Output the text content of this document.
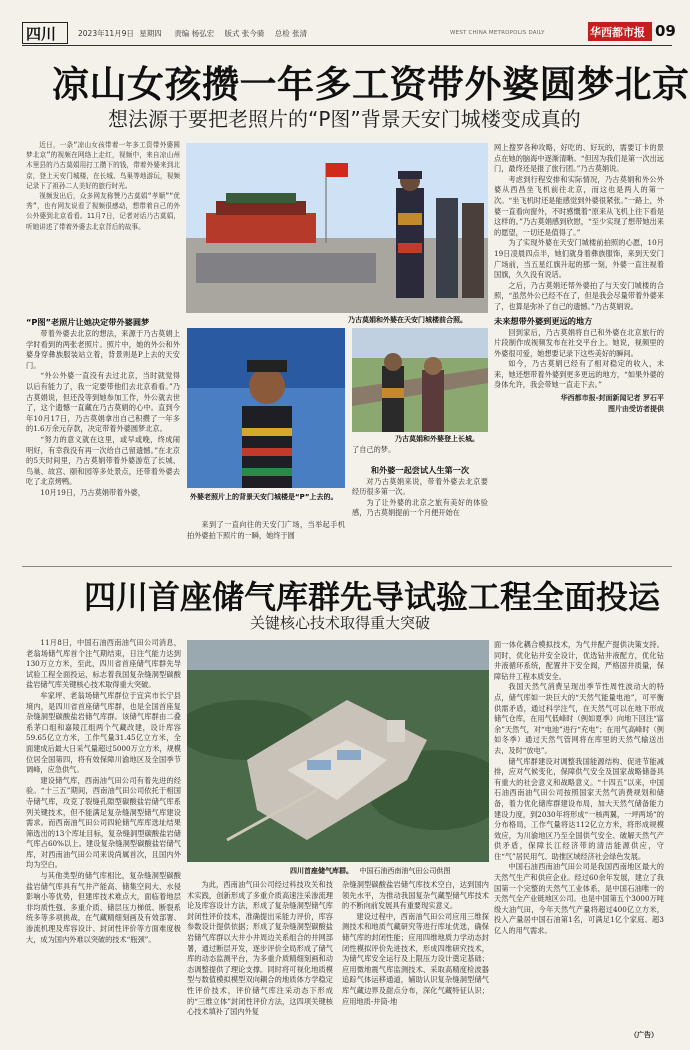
四川	2023年11月9日 星期四 责编 杨弘宏 版式 张今骑 总检 张清	WEST CHINA METROPOLIS DAILY	华西都市报 09
凉山女孩攒一年多工资带外婆圆梦北京
想法源于要把老照片的“P图”背景天安门城楼变成真的

近日，一条“凉山女孩带着一年多工资带外婆圆梦北京”的视频在网络上走红，视频中，来自凉山州木里县的乃古莫娟用打工攒下的钱，带着外婆来到北京，登上天安门城楼，在长城、鸟巢等地游玩，视频记录下了祖孙二人美好的旅行时光。

视频发出后，众多网友称赞乃古莫娟“孝顺”“优秀”，也有网友说看了视频很感动，想带着自己的外公外婆到北京看看。11月7日，记者对话乃古莫娟，听她讲述了带着外婆去北京背后的故事。

“P图”老照片让她决定带外婆圆梦

带着外婆去北京的想法，来源于乃古莫娟上学时看到的两张老照片。照片中，她的外公和外婆身穿彝族服装站立着，背景则是P上去的天安门。

“外公外婆一直没有去过北京，当时就觉得以后有能力了，我一定要带他们去北京看看。”乃古莫娟说，但还没等到她参加工作，外公就去世了，这个遗憾一直藏在乃古莫娟的心中。直到今年10月17日，乃古莫娟拿出自己积攒了一年多的1.6万余元存款，决定带着外婆圆梦北京。

“努力的意义就在这里，或早或晚，终成闹明好，有幸我没有再一次给自己留遗憾。”在北京的5天时间里，乃古莫娟带着外婆游览了长城、鸟巢、故宫、颐和园等多处景点，还带着外婆去吃了北京烤鸭。

10月19日，乃古莫娟带着外婆，

乃古莫娟和外婆在天安门城楼前合照。
外婆老照片上的背景天安门城楼是“P”上去的。

来到了一直向往的天安门广场，当举起手机拍外婆拍下照片的一瞬，她终于圆

乃古莫娟和外婆登上长城。

了自己的梦。

和外婆一起尝试人生第一次

对乃古莫娟来说，带着外婆去北京要经历很多第一次。

为了让外婆的北京之旅有美好的体验感，乃古莫娟提前一个月便开始在

网上搜罗各种攻略，好吃的、好玩的，需要订卡的景点在她的脑海中逐渐清晰。“但因为我们是第一次出远门，最终还是报了旅行团。”乃古莫娟说。

考虑到行程安排和实际情况，乃古莫娟和外公外婆从西昌坐飞机前往北京，而这也是两人的第一次。“坐飞机时还是能感觉到外婆很紧张。”一路上，外婆一直看向窗外，不时感慨着“原来从飞机上往下看是这样的。”乃古莫娟感到欣慰，“至少实现了想带她出来的愿望，一切还是值得了。”

为了实现外婆在天安门城楼前拍照的心愿，10月19日凌晨四点半，她们就身着彝族服饰，来到天安门广场前，当五星红旗升起的那一刻，外婆一直注视着国旗，久久没有说话。

之后，乃古莫娟还帮外婆拍了与天安门城楼的合照，“虽然外公已经不在了，但是我会尽量带着外婆来了，也算是弥补了自己的遗憾。”乃古莫娟说。

未来想带外婆到更远的地方

回到家后，乃古莫娟将自己和外婆在北京旅行的片段制作成视频发布在社交平台上。她说，视频里的外婆很可爱，她想要记录下这些美好的瞬间。

如今，乃古莫娟已经有了相对稳定的收入，未来，她还想带着外婆到更多更远的地方，“如果外婆的身体允许，我会带她一直走下去。”

华西都市报-封面新闻记者 罗石平
图片由受访者提供
四川首座储气库群先导试验工程全面投运
关键核心技术取得重大突破

11月8日，中国石油西南油气田公司消息，老翁场储气库首个注气期结束，日注气能力达到130万立方米，至此，四川省首座储气库群先导试验工程全面投运，标志着我国复杂缝洞型碳酸盐岩储气库关键核心技术取得重大突破。

牟家坪、老翁场储气库群位于宜宾市长宁县境内，是四川省首座储气库群，也是全国首座复杂缝洞型碳酸盐岩储气库群。该储气库群由二叠系茅口组和嘉陵江组两个气藏改建，设计库容59.65亿立方米，工作气量31.45亿立方米，全面建成后最大日采气量超过5000万立方米，规模位居全国第四，将有效保障川渝地区及全国季节调峰，应急供气。

建设储气库，西南油气田公司有着先进的经验。“十三五”期间，西南油气田公司依托于相国寺储气库，攻克了裂缝孔隙型碳酸盐岩储气库系列关键技术，但不能满足复杂缝洞型储气库建设需求。而西南油气田公司四轮储气库库选址结果筛选出的13个库址目标，复杂缝洞型碳酸盐岩储气库占60%以上。建设复杂缝洞型碳酸盐岩储气库，对西南油气田公司来说尚属首次，且国内外均为空白。

与其他类型的储气库相比，复杂缝洞型碳酸盐岩储气库具有气井产能高、储集空间大、水侵影响小等优势，但建库技术难点大，面临着地层非均质性强、多重介质、储层压力梯低、断裂系统多等多项挑战，在气藏精细刻画及有效部署、渗流机理及库容设计、封闭性评价等方面难度极大，成为国内外难以突破的技术“瓶颈”。

四川首座储气库群。 中国石油西南油气田公司供图

为此，西南油气田公司经过科技攻关和技术实践，创新形成了多重介质高速注采渗流理论及库容设计方法，形成了复杂缝洞型储气库封闭性评价技术，准确提出采能力评价，库容参数设计提供依据；形成了复杂缝洞型碳酸盐岩储气库群以大井小井周边关系组合的井网部署，通过断层开发，逐步评价全局形成了储气库的动态监测平台，为多重介质精细刻画和动态调整提供了理论支撑。同时将可视化地质模型与数值模拟模型双向耦合的地质体方学稳定性评价技术，评价储气库注采动态下形成的“三维立体”封闭性评价方法，这四项关键核心技术填补了国内外复

杂缝洞型碳酸盐岩储气库技术空白，达到国内领先水平，为推动我国复杂气藏型储气库技术的不断向前发展具有重要现实意义。

建设过程中，西南油气田公司应用三维探测技术和地质气藏研究等进行库址优选，确保储气库的封闭性能；应用四维地质力学动态封闭性模拟评价先进技术，形成四维研究技术，为储气库安全运行及上限压力设计奠定基础；应用微地震气库监测技术、采取高精度检波器追踪气体运移通道，辅助认识复杂缝洞型储气库气藏边界及甜点分布，深化气藏特征认识；应用地质-井筒-地

面一体化耦合模拟技术，为气井配产提供决策支持。同时，优化钻井安全设计，优选钻井液配方，优化钻井液循环系统，配置井下安全阀，严格固井质量，保障钻井工程本质安全。

我国天然气消费呈现出季节性周性波动大的特点，储气库如一块巨大的“天然气能量电池”，可平衡供需矛盾，通过科学注气，在天然气可以在地下形成储气仓库，在用气低峰时（例如夏季）向地下回注“富余”天然气，对“电池”进行“充电”；在用气高峰时（例如冬季）通过天然气管网将在库里的天然气输送出去，及时“放电”。

储气库群建设对调整我国能源结构、促进节能减排，应对气候变化，保障供气安全及国家战略储备具有重大的社会意义和战略意义。“十四五”以来，中国石油西南油气田公司按照国家天然气消费规划和储备，着力优化储库群建设布局，加大天然气储备能力建设力度，到2030年将形成“一核两翼，一坪两场”的分布格局，工作气量将达112亿立方米，将形成规模效应，为川渝地区乃至全国供气安全、破解天然气产供矛盾，保障长江经济带的清洁能源供应，守住“气”居民用气、助推区域经济社会绿色发展。

中国石油西南油气田公司是我国西南地区最大的天然气生产和供应企业。经过60余年发展，建立了我国第一个完整的天然气工业体系，是中国石油唯一的天然气全产业链地区公司。也是中国第五个3000万吨级大油气田，今年天然气产量将超过400亿立方米，投入产量居中国石油第1名，可满足1亿个家庭、超3亿人的用气需求。

（广告）
